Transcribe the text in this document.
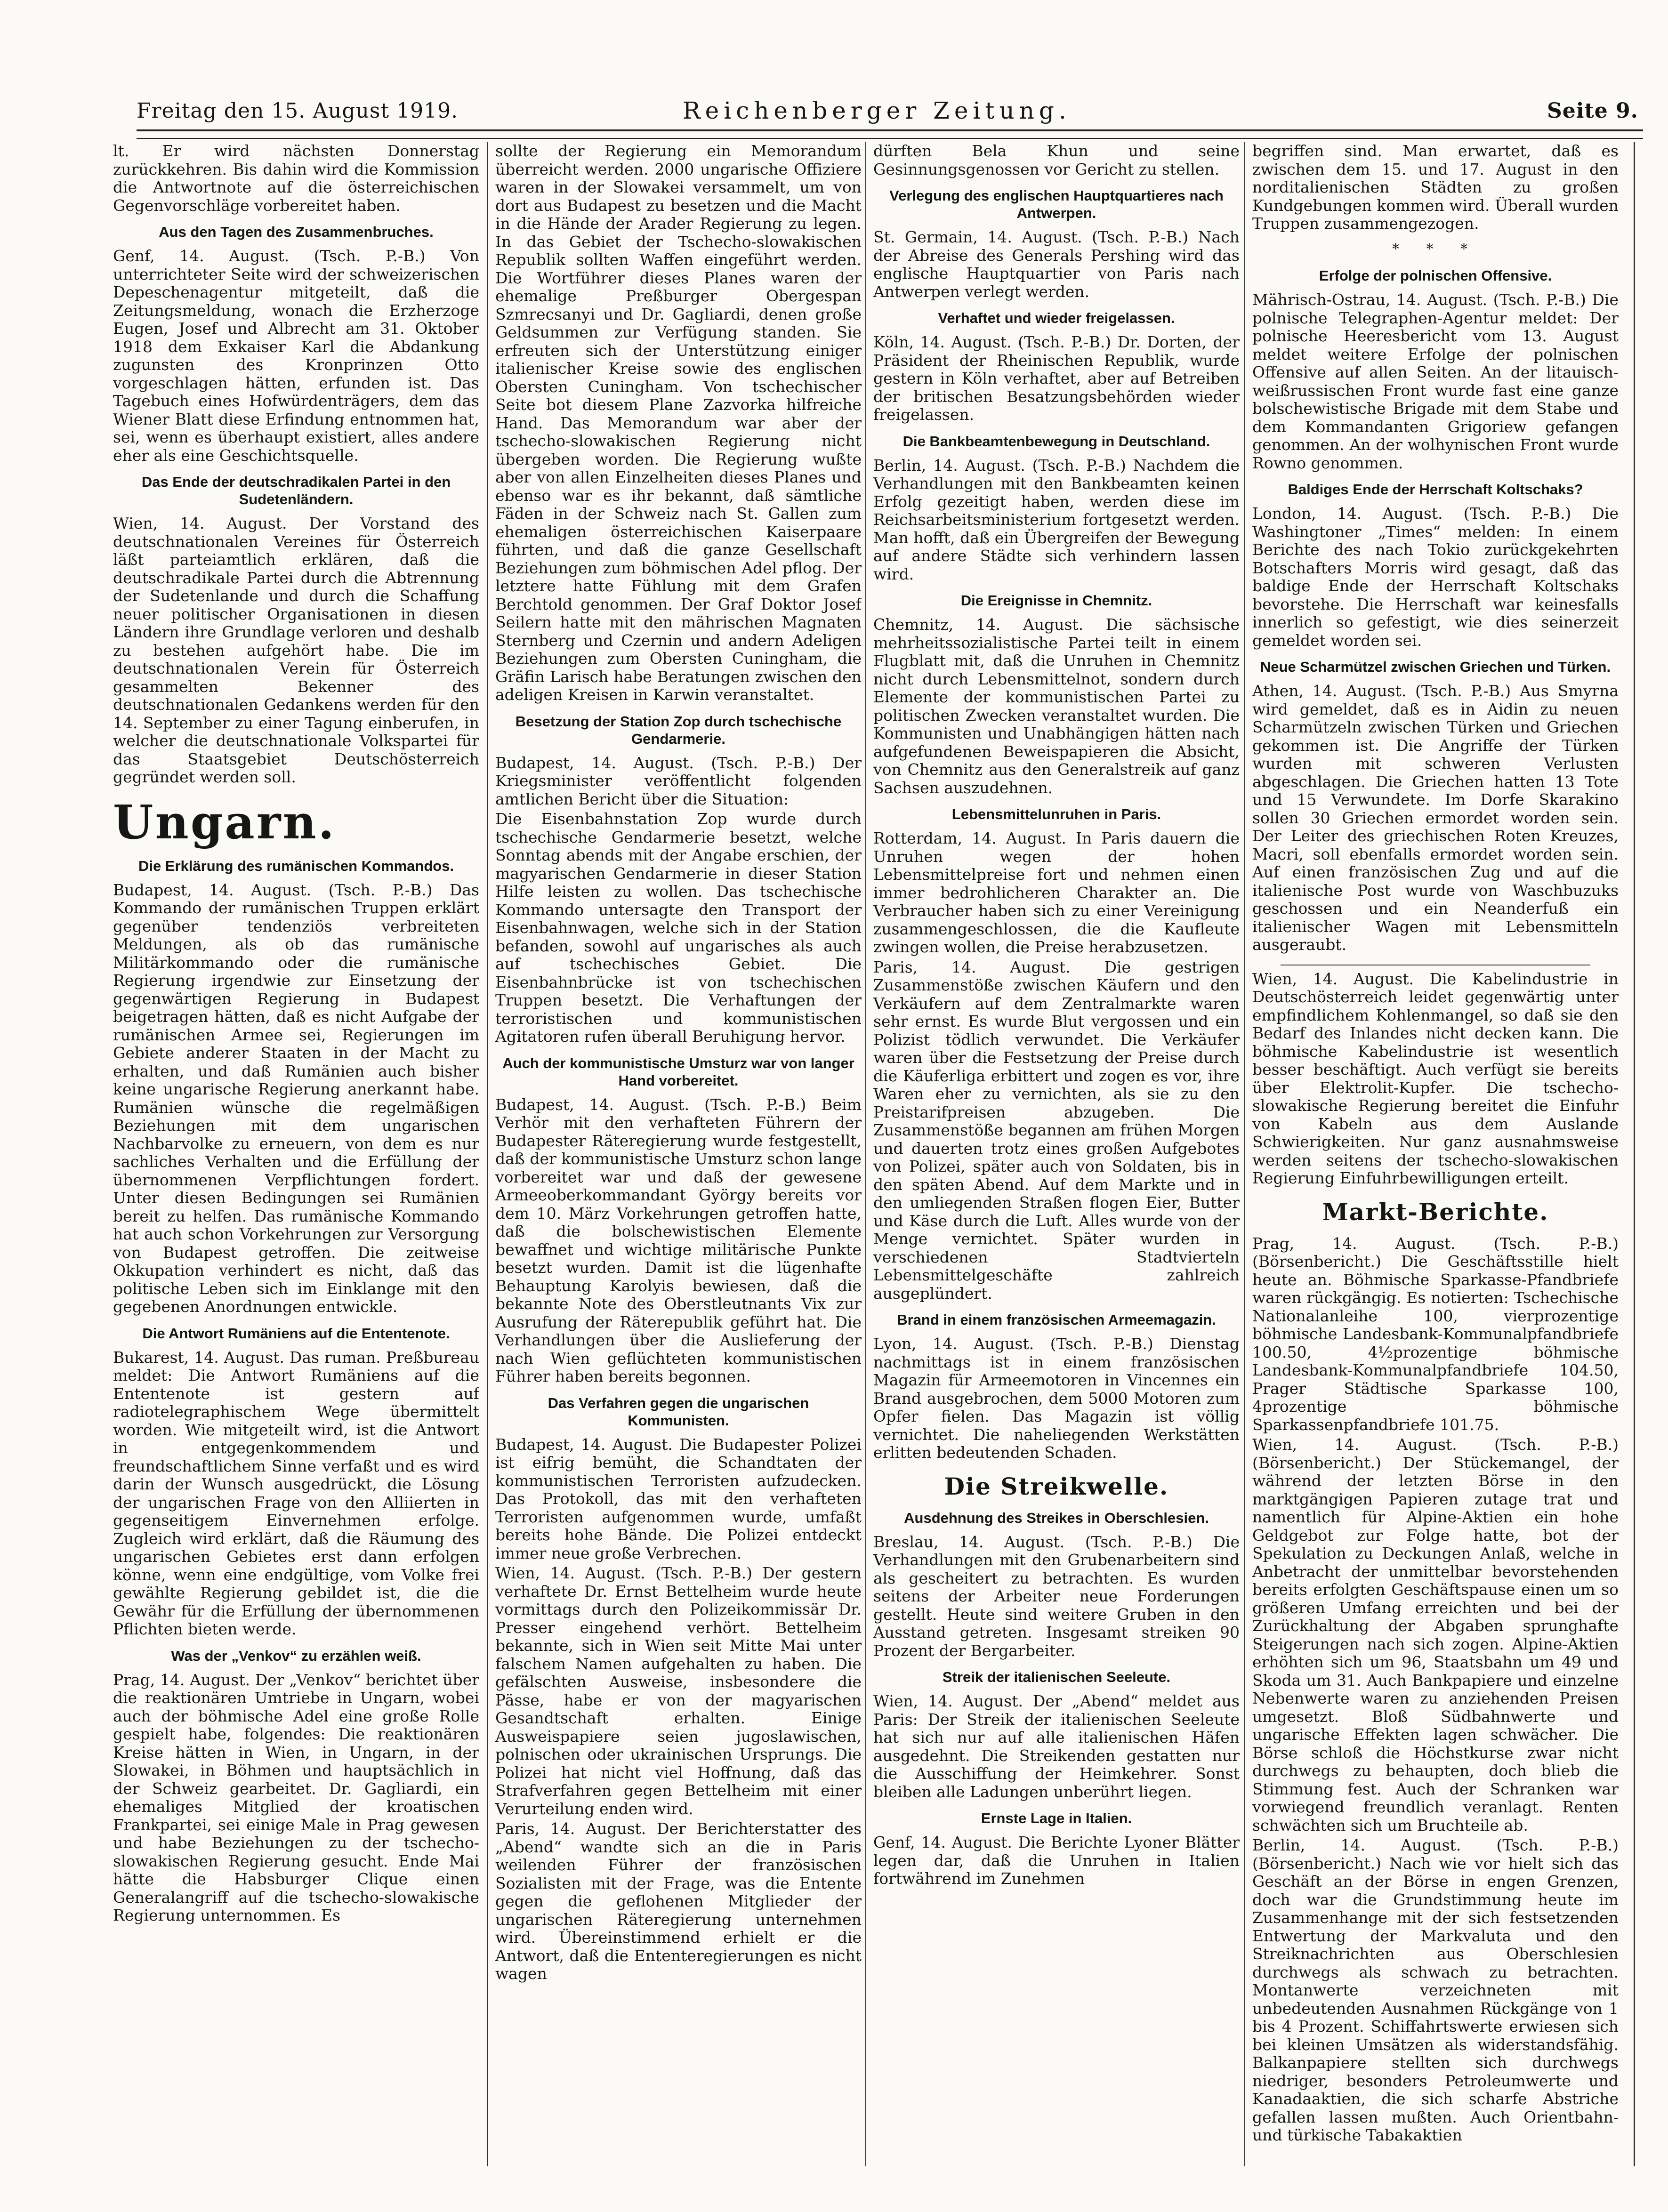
Freitag den 15. August 1919.	Reichenberger Zeitung.	Seite 9.

lt. Er wird nächsten Donnerstag zurückkehren. Bis dahin wird die Kommission die Antwortnote auf die österreichischen Gegenvorschläge vorbereitet haben.

Aus den Tagen des Zusammenbruches.

Genf, 14. August. (Tsch. P.-B.) Von unterrichteter Seite wird der schweizerischen Depeschenagentur mitgeteilt, daß die Zeitungsmeldung, wonach die Erzherzoge Eugen, Josef und Albrecht am 31. Oktober 1918 dem Exkaiser Karl die Abdankung zugunsten des Kronprinzen Otto vorgeschlagen hätten, erfunden ist. Das Tagebuch eines Hofwürdenträgers, dem das Wiener Blatt diese Erfindung entnommen hat, sei, wenn es überhaupt existiert, alles andere eher als eine Geschichtsquelle.

Das Ende der deutschradikalen Partei in den Sudetenländern.

Wien, 14. August. Der Vorstand des deutschnationalen Vereines für Österreich läßt parteiamtlich erklären, daß die deutschradikale Partei durch die Abtrennung der Sudetenlande und durch die Schaffung neuer politischer Organisationen in diesen Ländern ihre Grundlage verloren und deshalb zu bestehen aufgehört habe. Die im deutschnationalen Verein für Österreich gesammelten Bekenner des deutschnationalen Gedankens werden für den 14. September zu einer Tagung einberufen, in welcher die deutschnationale Volkspartei für das Staatsgebiet Deutschösterreich gegründet werden soll.

Ungarn.
Die Erklärung des rumänischen Kommandos.

Budapest, 14. August. (Tsch. P.-B.) Das Kommando der rumänischen Truppen erklärt gegenüber tendenziös verbreiteten Meldungen, als ob das rumänische Militärkommando oder die rumänische Regierung irgendwie zur Einsetzung der gegenwärtigen Regierung in Budapest beigetragen hätten, daß es nicht Aufgabe der rumänischen Armee sei, Regierungen im Gebiete anderer Staaten in der Macht zu erhalten, und daß Rumänien auch bisher keine ungarische Regierung anerkannt habe. Rumänien wünsche die regelmäßigen Beziehungen mit dem ungarischen Nachbarvolke zu erneuern, von dem es nur sachliches Verhalten und die Erfüllung der übernommenen Verpflichtungen fordert. Unter diesen Bedingungen sei Rumänien bereit zu helfen. Das rumänische Kommando hat auch schon Vorkehrungen zur Versorgung von Budapest getroffen. Die zeitweise Okkupation verhindert es nicht, daß das politische Leben sich im Einklange mit den gegebenen Anordnungen entwickle.

Die Antwort Rumäniens auf die Ententenote.

Bukarest, 14. August. Das ruman. Preßbureau meldet: Die Antwort Rumäniens auf die Ententenote ist gestern auf radiotelegraphischem Wege übermittelt worden. Wie mitgeteilt wird, ist die Antwort in entgegenkommendem und freundschaftlichem Sinne verfaßt und es wird darin der Wunsch ausgedrückt, die Lösung der ungarischen Frage von den Alliierten in gegenseitigem Einvernehmen erfolge. Zugleich wird erklärt, daß die Räumung des ungarischen Gebietes erst dann erfolgen könne, wenn eine endgültige, vom Volke frei gewählte Regierung gebildet ist, die die Gewähr für die Erfüllung der übernommenen Pflichten bieten werde.

Was der „Venkov“ zu erzählen weiß.

Prag, 14. August. Der „Venkov“ berichtet über die reaktionären Umtriebe in Ungarn, wobei auch der böhmische Adel eine große Rolle gespielt habe, folgendes: Die reaktionären Kreise hätten in Wien, in Ungarn, in der Slowakei, in Böhmen und hauptsächlich in der Schweiz gearbeitet. Dr. Gagliardi, ein ehemaliges Mitglied der kroatischen Frankpartei, sei einige Male in Prag gewesen und habe Beziehungen zu der tschecho-slowakischen Regierung gesucht. Ende Mai hätte die Habsburger Clique einen Generalangriff auf die tschecho-slowakische Regierung unternommen. Es

sollte der Regierung ein Memorandum überreicht werden. 2000 ungarische Offiziere waren in der Slowakei versammelt, um von dort aus Budapest zu besetzen und die Macht in die Hände der Arader Regierung zu legen. In das Gebiet der Tschecho-slowakischen Republik sollten Waffen eingeführt werden. Die Wortführer dieses Planes waren der ehemalige Preßburger Obergespan Szmrecsanyi und Dr. Gagliardi, denen große Geldsummen zur Verfügung standen. Sie erfreuten sich der Unterstützung einiger italienischer Kreise sowie des englischen Obersten Cuningham. Von tschechischer Seite bot diesem Plane Zazvorka hilfreiche Hand. Das Memorandum war aber der tschecho-slowakischen Regierung nicht übergeben worden. Die Regierung wußte aber von allen Einzelheiten dieses Planes und ebenso war es ihr bekannt, daß sämtliche Fäden in der Schweiz nach St. Gallen zum ehemaligen österreichischen Kaiserpaare führten, und daß die ganze Gesellschaft Beziehungen zum böhmischen Adel pflog. Der letztere hatte Fühlung mit dem Grafen Berchtold genommen. Der Graf Doktor Josef Seilern hatte mit den mährischen Magnaten Sternberg und Czernin und andern Adeligen Beziehungen zum Obersten Cuningham, die Gräfin Larisch habe Beratungen zwischen den adeligen Kreisen in Karwin veranstaltet.

Besetzung der Station Zop durch tschechische Gendarmerie.

Budapest, 14. August. (Tsch. P.-B.) Der Kriegsminister veröffentlicht folgenden amtlichen Bericht über die Situation:

Die Eisenbahnstation Zop wurde durch tschechische Gendarmerie besetzt, welche Sonntag abends mit der Angabe erschien, der magyarischen Gendarmerie in dieser Station Hilfe leisten zu wollen. Das tschechische Kommando untersagte den Transport der Eisenbahnwagen, welche sich in der Station befanden, sowohl auf ungarisches als auch auf tschechisches Gebiet. Die Eisenbahnbrücke ist von tschechischen Truppen besetzt. Die Verhaftungen der terroristischen und kommunistischen Agitatoren rufen überall Beruhigung hervor.

Auch der kommunistische Umsturz war von langer Hand vorbereitet.

Budapest, 14. August. (Tsch. P.-B.) Beim Verhör mit den verhafteten Führern der Budapester Räteregierung wurde festgestellt, daß der kommunistische Umsturz schon lange vorbereitet war und daß der gewesene Armeeoberkommandant György bereits vor dem 10. März Vorkehrungen getroffen hatte, daß die bolschewistischen Elemente bewaffnet und wichtige militärische Punkte besetzt wurden. Damit ist die lügenhafte Behauptung Karolyis bewiesen, daß die bekannte Note des Oberstleutnants Vix zur Ausrufung der Räterepublik geführt hat. Die Verhandlungen über die Auslieferung der nach Wien geflüchteten kommunistischen Führer haben bereits begonnen.

Das Verfahren gegen die ungarischen Kommunisten.

Budapest, 14. August. Die Budapester Polizei ist eifrig bemüht, die Schandtaten der kommunistischen Terroristen aufzudecken. Das Protokoll, das mit den verhafteten Terroristen aufgenommen wurde, umfaßt bereits hohe Bände. Die Polizei entdeckt immer neue große Verbrechen.

Wien, 14. August. (Tsch. P.-B.) Der gestern verhaftete Dr. Ernst Bettelheim wurde heute vormittags durch den Polizeikommissär Dr. Presser eingehend verhört. Bettelheim bekannte, sich in Wien seit Mitte Mai unter falschem Namen aufgehalten zu haben. Die gefälschten Ausweise, insbesondere die Pässe, habe er von der magyarischen Gesandtschaft erhalten. Einige Ausweispapiere seien jugoslawischen, polnischen oder ukrainischen Ursprungs. Die Polizei hat nicht viel Hoffnung, daß das Strafverfahren gegen Bettelheim mit einer Verurteilung enden wird.

Paris, 14. August. Der Berichterstatter des „Abend“ wandte sich an die in Paris weilenden Führer der französischen Sozialisten mit der Frage, was die Entente gegen die geflohenen Mitglieder der ungarischen Räteregierung unternehmen wird. Übereinstimmend erhielt er die Antwort, daß die Ententeregierungen es nicht wagen

dürften Bela Khun und seine Gesinnungsgenossen vor Gericht zu stellen.

Verlegung des englischen Hauptquartieres nach Antwerpen.

St. Germain, 14. August. (Tsch. P.-B.) Nach der Abreise des Generals Pershing wird das englische Hauptquartier von Paris nach Antwerpen verlegt werden.

Verhaftet und wieder freigelassen.

Köln, 14. August. (Tsch. P.-B.) Dr. Dorten, der Präsident der Rheinischen Republik, wurde gestern in Köln verhaftet, aber auf Betreiben der britischen Besatzungsbehörden wieder freigelassen.

Die Bankbeamtenbewegung in Deutschland.

Berlin, 14. August. (Tsch. P.-B.) Nachdem die Verhandlungen mit den Bankbeamten keinen Erfolg gezeitigt haben, werden diese im Reichsarbeitsministerium fortgesetzt werden. Man hofft, daß ein Übergreifen der Bewegung auf andere Städte sich verhindern lassen wird.

Die Ereignisse in Chemnitz.

Chemnitz, 14. August. Die sächsische mehrheitssozialistische Partei teilt in einem Flugblatt mit, daß die Unruhen in Chemnitz nicht durch Lebensmittelnot, sondern durch Elemente der kommunistischen Partei zu politischen Zwecken veranstaltet wurden. Die Kommunisten und Unabhängigen hätten nach aufgefundenen Beweispapieren die Absicht, von Chemnitz aus den Generalstreik auf ganz Sachsen auszudehnen.

Lebensmittelunruhen in Paris.

Rotterdam, 14. August. In Paris dauern die Unruhen wegen der hohen Lebensmittelpreise fort und nehmen einen immer bedrohlicheren Charakter an. Die Verbraucher haben sich zu einer Vereinigung zusammengeschlossen, die die Kaufleute zwingen wollen, die Preise herabzusetzen.

Paris, 14. August. Die gestrigen Zusammenstöße zwischen Käufern und den Verkäufern auf dem Zentralmarkte waren sehr ernst. Es wurde Blut vergossen und ein Polizist tödlich verwundet. Die Verkäufer waren über die Festsetzung der Preise durch die Käuferliga erbittert und zogen es vor, ihre Waren eher zu vernichten, als sie zu den Preistarifpreisen abzugeben. Die Zusammenstöße begannen am frühen Morgen und dauerten trotz eines großen Aufgebotes von Polizei, später auch von Soldaten, bis in den späten Abend. Auf dem Markte und in den umliegenden Straßen flogen Eier, Butter und Käse durch die Luft. Alles wurde von der Menge vernichtet. Später wurden in verschiedenen Stadtvierteln Lebensmittelgeschäfte zahlreich ausgeplündert.

Brand in einem französischen Armeemagazin.

Lyon, 14. August. (Tsch. P.-B.) Dienstag nachmittags ist in einem französischen Magazin für Armeemotoren in Vincennes ein Brand ausgebrochen, dem 5000 Motoren zum Opfer fielen. Das Magazin ist völlig vernichtet. Die naheliegenden Werkstätten erlitten bedeutenden Schaden.

Die Streikwelle.
Ausdehnung des Streikes in Oberschlesien.

Breslau, 14. August. (Tsch. P.-B.) Die Verhandlungen mit den Grubenarbeitern sind als gescheitert zu betrachten. Es wurden seitens der Arbeiter neue Forderungen gestellt. Heute sind weitere Gruben in den Ausstand getreten. Insgesamt streiken 90 Prozent der Bergarbeiter.

Streik der italienischen Seeleute.

Wien, 14. August. Der „Abend“ meldet aus Paris: Der Streik der italienischen Seeleute hat sich nur auf alle italienischen Häfen ausgedehnt. Die Streikenden gestatten nur die Ausschiffung der Heimkehrer. Sonst bleiben alle Ladungen unberührt liegen.

Ernste Lage in Italien.

Genf, 14. August. Die Berichte Lyoner Blätter legen dar, daß die Unruhen in Italien fortwährend im Zunehmen

begriffen sind. Man erwartet, daß es zwischen dem 15. und 17. August in den norditalienischen Städten zu großen Kundgebungen kommen wird. Überall wurden Truppen zusammengezogen.

* * *
Erfolge der polnischen Offensive.

Mährisch-Ostrau, 14. August. (Tsch. P.-B.) Die polnische Telegraphen-Agentur meldet: Der polnische Heeresbericht vom 13. August meldet weitere Erfolge der polnischen Offensive auf allen Seiten. An der litauisch-weißrussischen Front wurde fast eine ganze bolschewistische Brigade mit dem Stabe und dem Kommandanten Grigoriew gefangen genommen. An der wolhynischen Front wurde Rowno genommen.

Baldiges Ende der Herrschaft Koltschaks?

London, 14. August. (Tsch. P.-B.) Die Washingtoner „Times“ melden: In einem Berichte des nach Tokio zurückgekehrten Botschafters Morris wird gesagt, daß das baldige Ende der Herrschaft Koltschaks bevorstehe. Die Herrschaft war keinesfalls innerlich so gefestigt, wie dies seinerzeit gemeldet worden sei.

Neue Scharmützel zwischen Griechen und Türken.

Athen, 14. August. (Tsch. P.-B.) Aus Smyrna wird gemeldet, daß es in Aidin zu neuen Scharmützeln zwischen Türken und Griechen gekommen ist. Die Angriffe der Türken wurden mit schweren Verlusten abgeschlagen. Die Griechen hatten 13 Tote und 15 Verwundete. Im Dorfe Skarakino sollen 30 Griechen ermordet worden sein. Der Leiter des griechischen Roten Kreuzes, Macri, soll ebenfalls ermordet worden sein. Auf einen französischen Zug und auf die italienische Post wurde von Waschbuzuks geschossen und ein Neanderfuß ein italienischer Wagen mit Lebensmitteln ausgeraubt.

Wien, 14. August. Die Kabelindustrie in Deutschösterreich leidet gegenwärtig unter empfindlichem Kohlenmangel, so daß sie den Bedarf des Inlandes nicht decken kann. Die böhmische Kabelindustrie ist wesentlich besser beschäftigt. Auch verfügt sie bereits über Elektrolit-Kupfer. Die tschecho-slowakische Regierung bereitet die Einfuhr von Kabeln aus dem Auslande Schwierigkeiten. Nur ganz ausnahmsweise werden seitens der tschecho-slowakischen Regierung Einfuhrbewilligungen erteilt.

Markt-Berichte.

Prag, 14. August. (Tsch. P.-B.) (Börsenbericht.) Die Geschäftsstille hielt heute an. Böhmische Sparkasse-Pfandbriefe waren rückgängig. Es notierten: Tschechische Nationalanleihe 100, vierprozentige böhmische Landesbank-Kommunalpfandbriefe 100.50, 4½prozentige böhmische Landesbank-Kommunalpfandbriefe 104.50, Prager Städtische Sparkasse 100, 4prozentige böhmische Sparkassenpfandbriefe 101.75.

Wien, 14. August. (Tsch. P.-B.) (Börsenbericht.) Der Stückemangel, der während der letzten Börse in den marktgängigen Papieren zutage trat und namentlich für Alpine-Aktien ein hohe Geldgebot zur Folge hatte, bot der Spekulation zu Deckungen Anlaß, welche in Anbetracht der unmittelbar bevorstehenden bereits erfolgten Geschäftspause einen um so größeren Umfang erreichten und bei der Zurückhaltung der Abgaben sprunghafte Steigerungen nach sich zogen. Alpine-Aktien erhöhten sich um 96, Staatsbahn um 49 und Skoda um 31. Auch Bankpapiere und einzelne Nebenwerte waren zu anziehenden Preisen umgesetzt. Bloß Südbahnwerte und ungarische Effekten lagen schwächer. Die Börse schloß die Höchstkurse zwar nicht durchwegs zu behaupten, doch blieb die Stimmung fest. Auch der Schranken war vorwiegend freundlich veranlagt. Renten schwächten sich um Bruchteile ab.

Berlin, 14. August. (Tsch. P.-B.) (Börsenbericht.) Nach wie vor hielt sich das Geschäft an der Börse in engen Grenzen, doch war die Grundstimmung heute im Zusammenhange mit der sich festsetzenden Entwertung der Markvaluta und den Streiknachrichten aus Oberschlesien durchwegs als schwach zu betrachten. Montanwerte verzeichneten mit unbedeutenden Ausnahmen Rückgänge von 1 bis 4 Prozent. Schiffahrtswerte erwiesen sich bei kleinen Umsätzen als widerstandsfähig. Balkanpapiere stellten sich durchwegs niedriger, besonders Petroleumwerte und Kanadaaktien, die sich scharfe Abstriche gefallen lassen mußten. Auch Orientbahn- und türkische Tabakaktien
